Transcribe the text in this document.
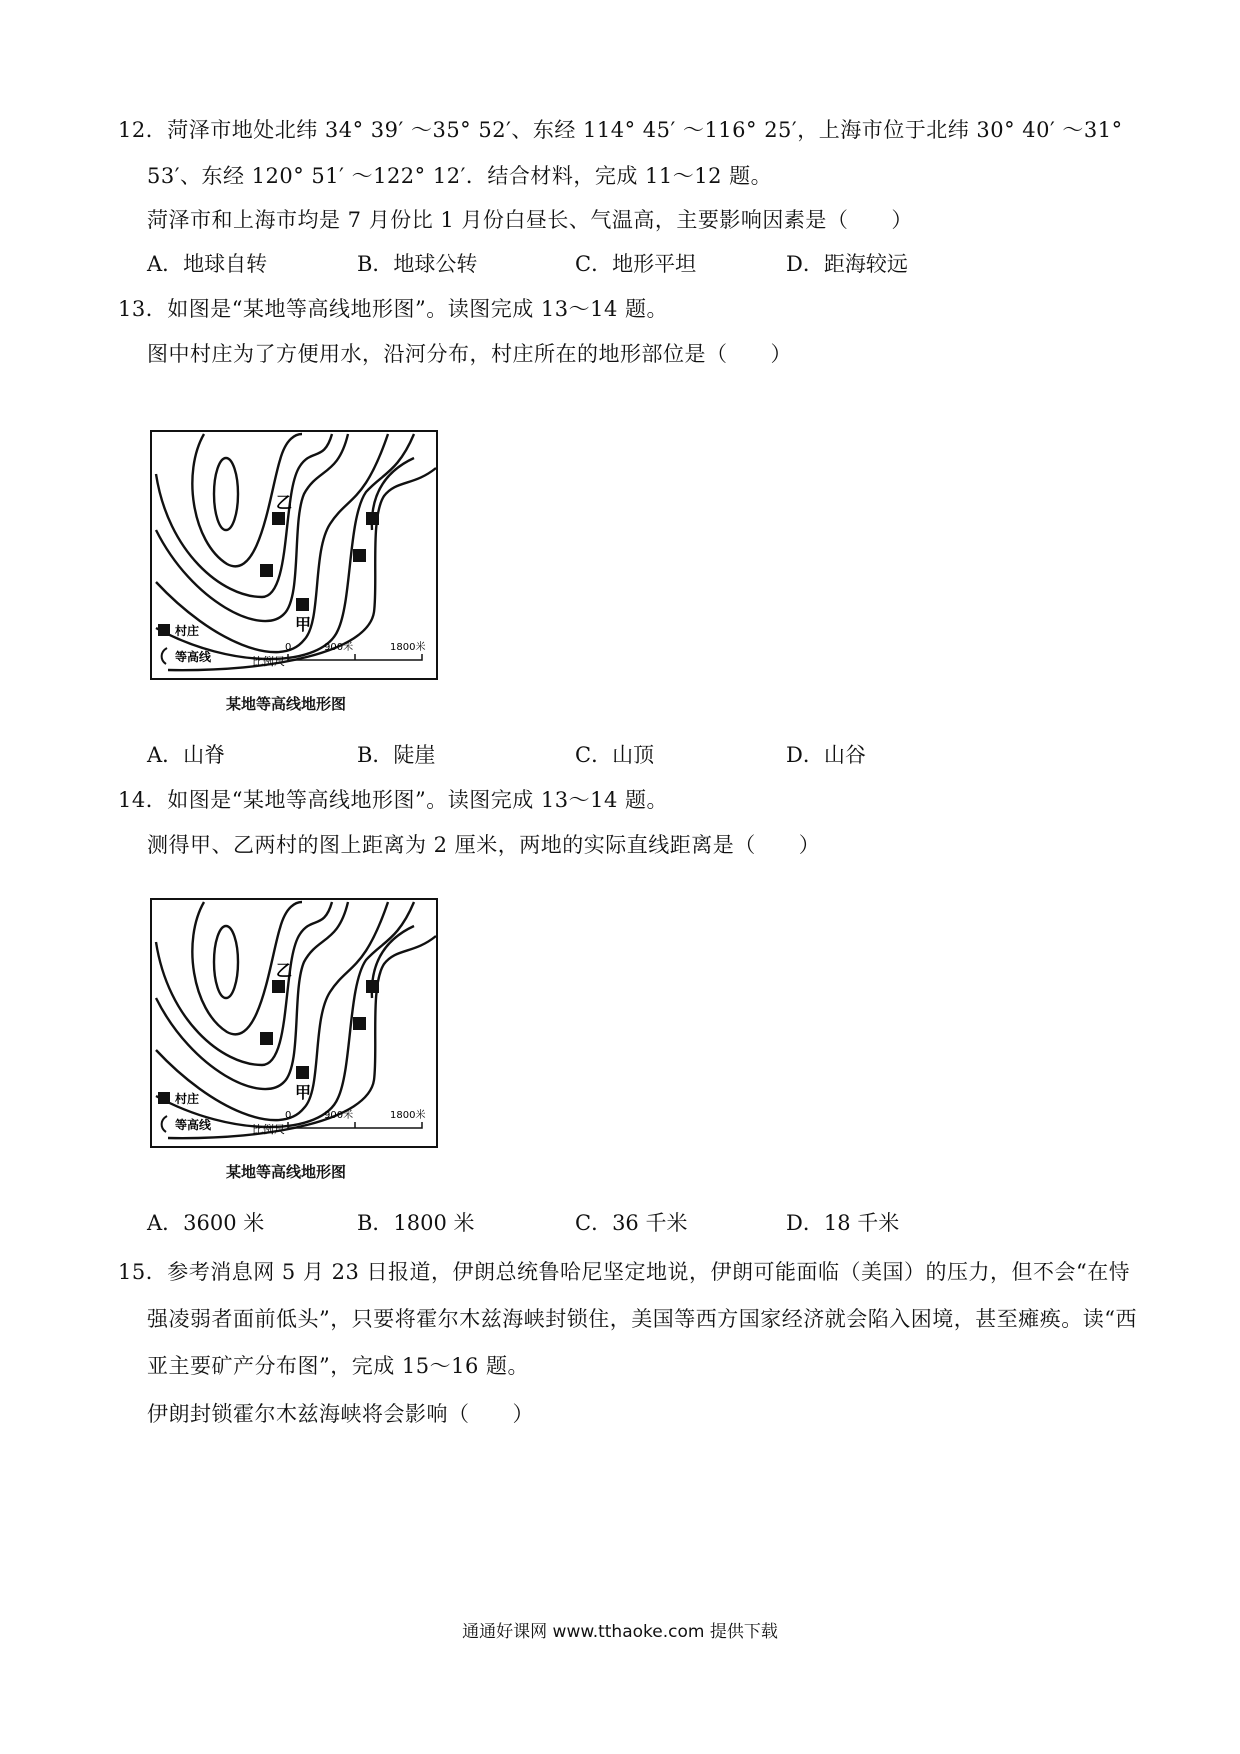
12．菏泽市地处北纬 34° 39′ ～35° 52′、东经 114° 45′ ～116° 25′，上海市位于北纬 30° 40′ ～31°
53′、东经 120° 51′ ～122° 12′．结合材料，完成 11～12 题。
菏泽市和上海市均是 7 月份比 1 月份白昼长、气温高，主要影响因素是（　　）
A．地球自转	B．地球公转	C．地形平坦	D．距海较远
13．如图是“某地等高线地形图”。读图完成 13～14 题。
图中村庄为了方便用水，沿河分布，村庄所在的地形部位是（　　）
乙
甲
村庄
等高线	比例尺
0	900米	1800米
某地等高线地形图
A．山脊	B．陡崖	C．山顶	D．山谷
14．如图是“某地等高线地形图”。读图完成 13～14 题。
测得甲、乙两村的图上距离为 2 厘米，两地的实际直线距离是（　　）
乙
甲
村庄
等高线	比例尺
0	900米	1800米
某地等高线地形图
A．3600 米	B．1800 米	C．36 千米	D．18 千米
15．参考消息网 5 月 23 日报道，伊朗总统鲁哈尼坚定地说，伊朗可能面临（美国）的压力，但不会“在恃
强凌弱者面前低头”，只要将霍尔木兹海峡封锁住，美国等西方国家经济就会陷入困境，甚至瘫痪。读“西
亚主要矿产分布图”，完成 15～16 题。
伊朗封锁霍尔木兹海峡将会影响（　　）
通通好课网 www.tthaoke.com 提供下载
